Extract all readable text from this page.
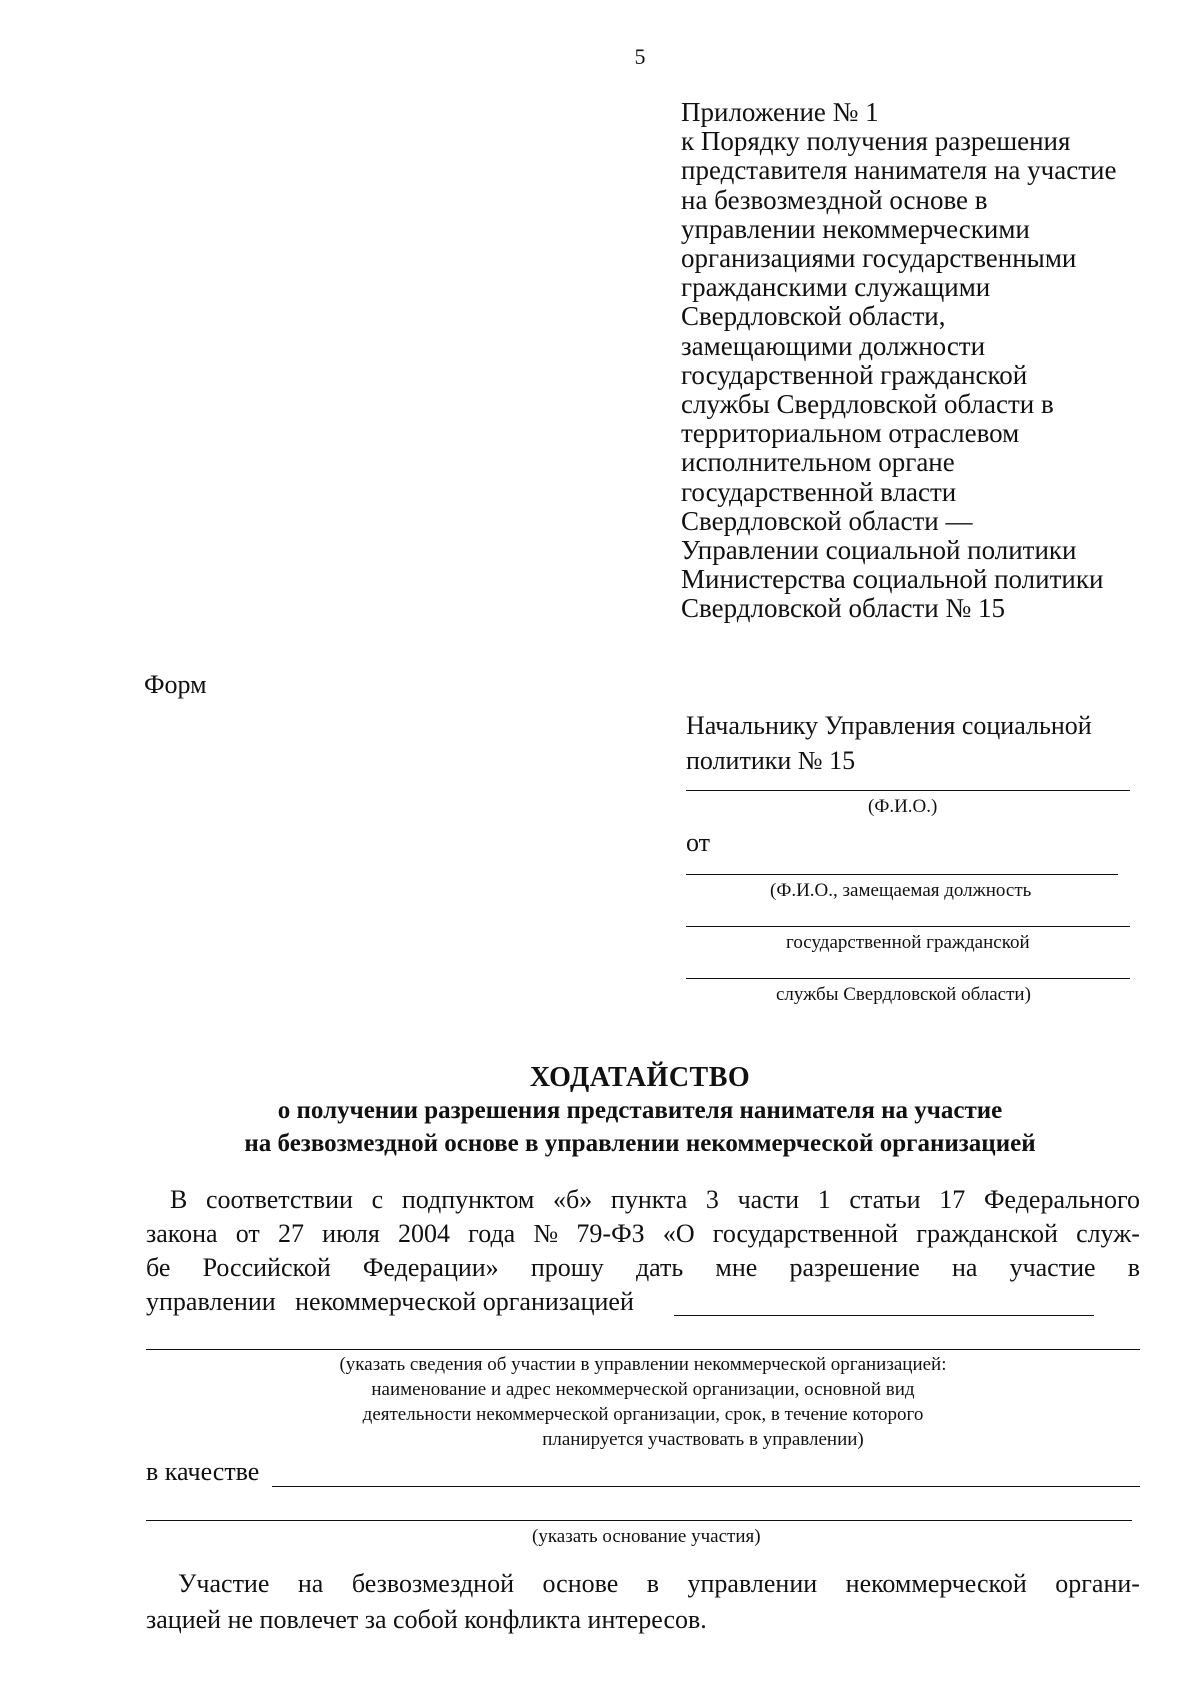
5
Приложение № 1
к Порядку получения разрешения
представителя нанимателя на участие
на безвозмездной основе в
управлении некоммерческими
организациями государственными
гражданскими служащими
Свердловской области,
замещающими должности
государственной гражданской
службы Свердловской области в
территориальном отраслевом
исполнительном органе
государственной власти
Свердловской области —
Управлении социальной политики
Министерства социальной политики
Свердловской области № 15
Форм
Начальнику Управления социальной
политики № 15
(Ф.И.О.)
от
(Ф.И.О., замещаемая должность
государственной гражданской
службы Свердловской области)
ХОДАТАЙСТВО
о получении разрешения представителя нанимателя на участие
на безвозмездной основе в управлении некоммерческой организацией
В соответствии с подпунктом «б» пункта 3 части 1 статьи 17 Федерального
закона от 27 июля 2004 года № 79-ФЗ «О государственной гражданской служ-
бе Российской Федерации» прошу дать мне разрешение на участие в
управлении   некоммерческой организацией
(указать сведения об участии в управлении некоммерческой организацией:
наименование и адрес некоммерческой организации, основной вид
деятельности некоммерческой организации, срок, в течение которого
планируется участвовать в управлении)
в качестве
(указать основание участия)
Участие на безвозмездной основе в управлении некоммерческой органи-
зацией не повлечет за собой конфликта интересов.
